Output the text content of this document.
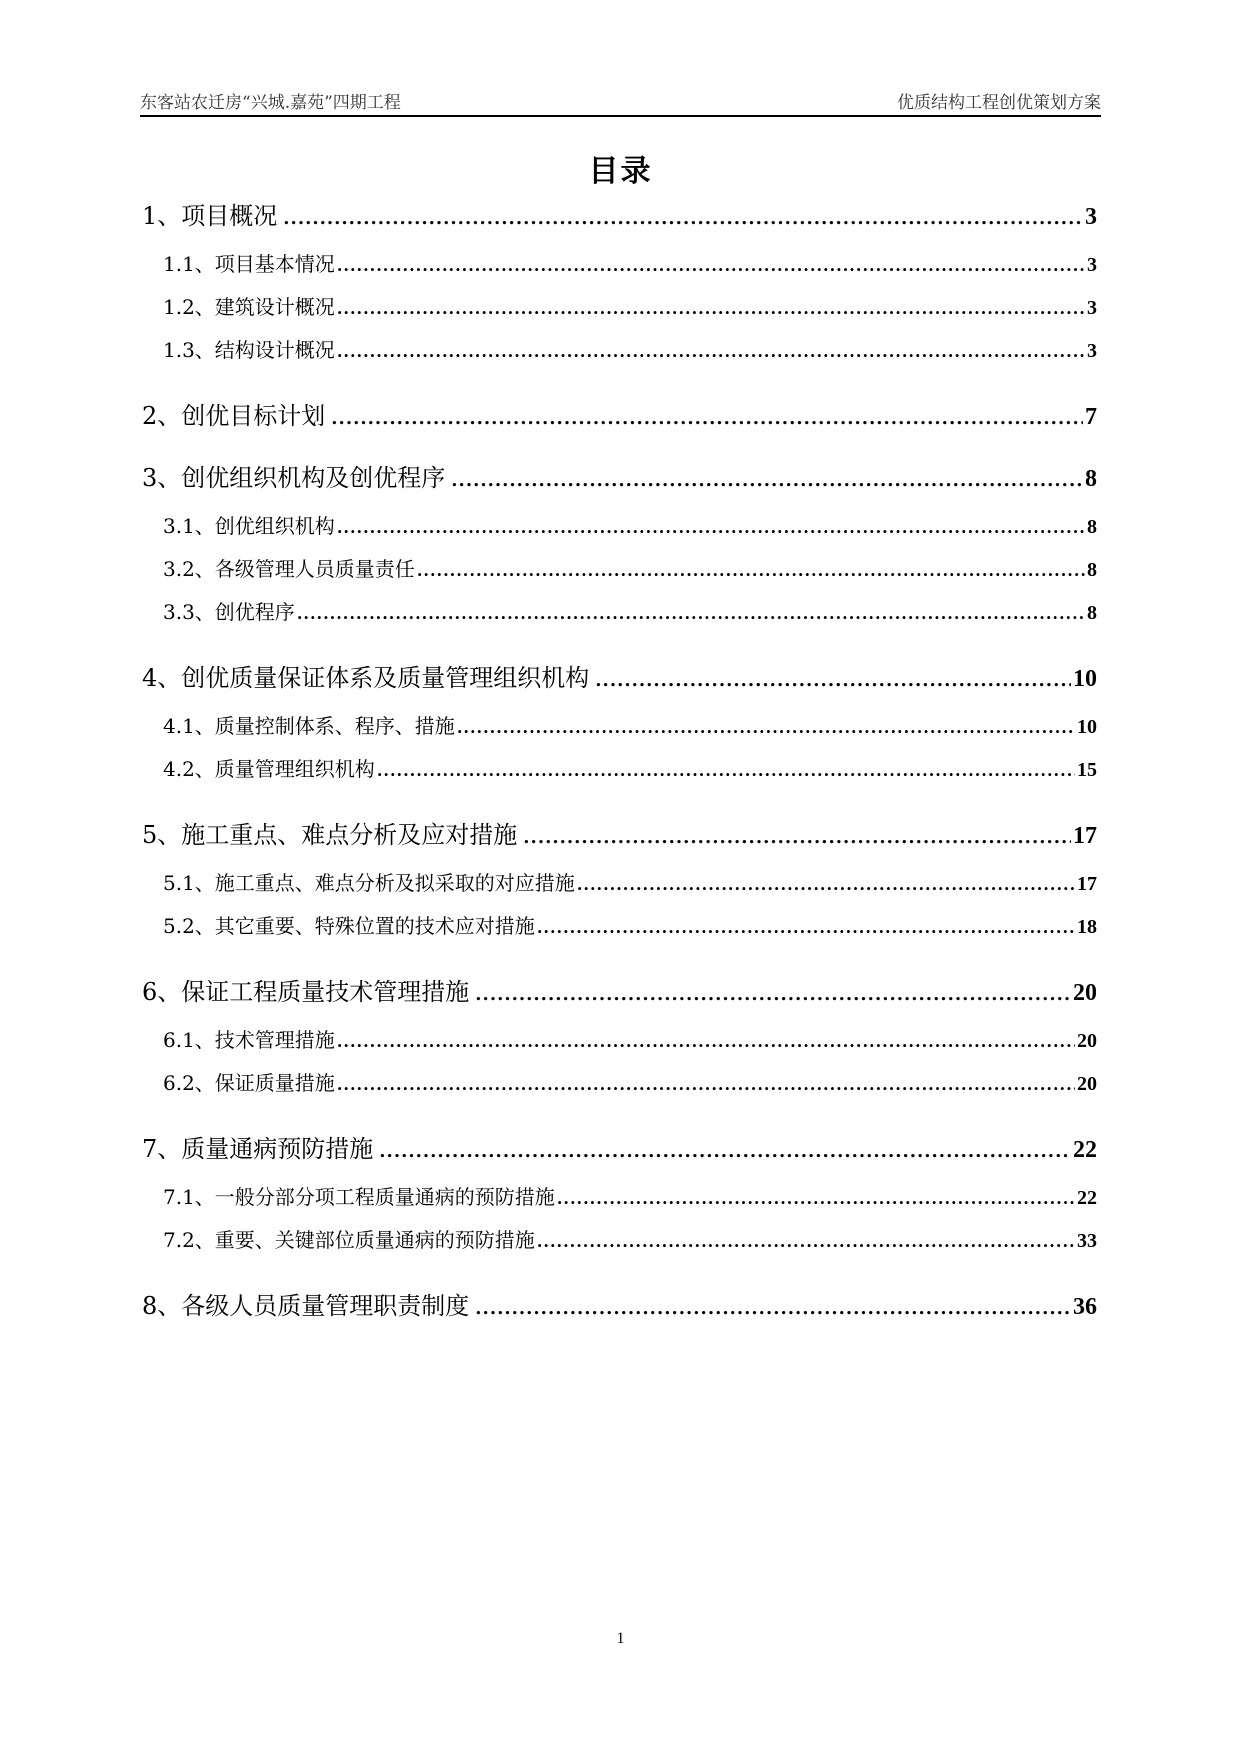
东客站农迁房“兴城.嘉苑”四期工程	优质结构工程创优策划方案
目录
1、项目概况 .....	3
1.1、项目基本情况 .....	3
1.2、建筑设计概况 .....	3
1.3、结构设计概况 .....	3
2、创优目标计划 .....	7
3、创优组织机构及创优程序 .....	8
3.1、创优组织机构 .....	8
3.2、各级管理人员质量责任 .....	8
3.3、创优程序 .....	8
4、创优质量保证体系及质量管理组织机构 .....	10
4.1、质量控制体系、程序、措施 .....	10
4.2、质量管理组织机构 .....	15
5、施工重点、难点分析及应对措施 .....	17
5.1、施工重点、难点分析及拟采取的对应措施 .....	17
5.2、其它重要、特殊位置的技术应对措施 .....	18
6、保证工程质量技术管理措施 .....	20
6.1、技术管理措施 .....	20
6.2、保证质量措施 .....	20
7、质量通病预防措施 .....	22
7.1、一般分部分项工程质量通病的预防措施 .....	22
7.2、重要、关键部位质量通病的预防措施 .....	33
8、各级人员质量管理职责制度 .....	36
1
